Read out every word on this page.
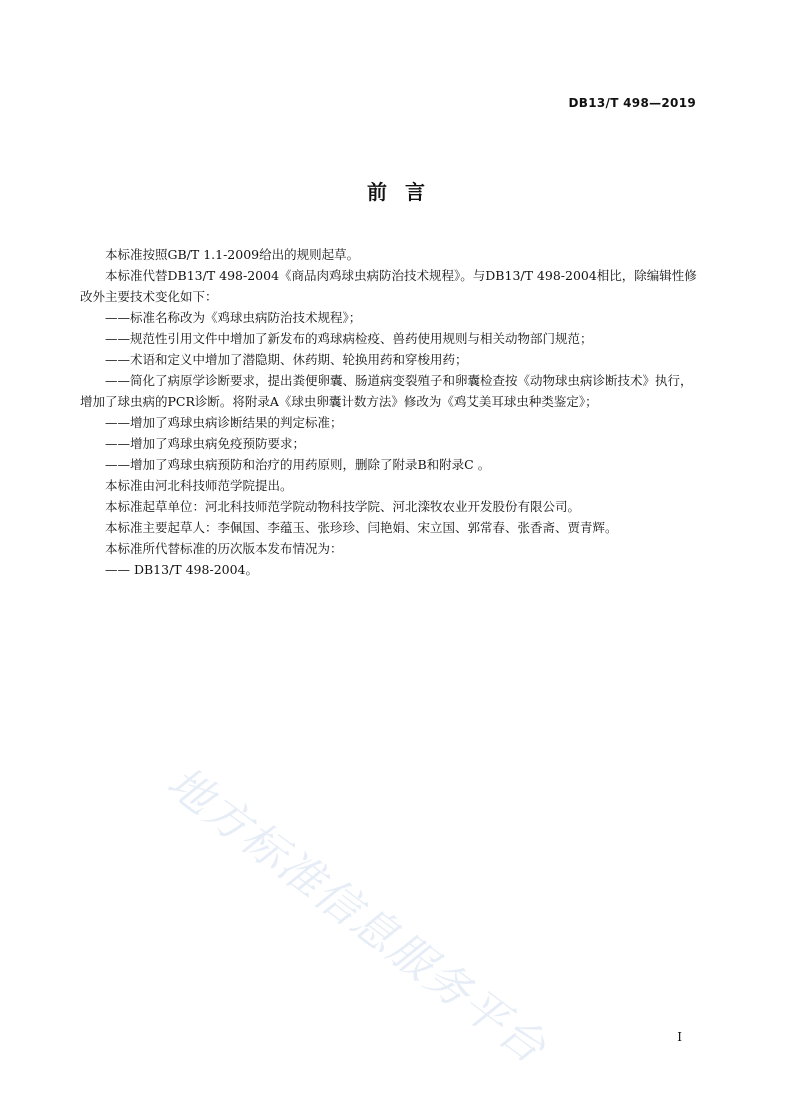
DB13/T 498—2019
前言

本标准按照GB/T 1.1-2009给出的规则起草。

本标准代替DB13/T 498-2004《商品肉鸡球虫病防治技术规程》。与DB13/T 498-2004相比，除编辑性修改外主要技术变化如下：

——标准名称改为《鸡球虫病防治技术规程》；

——规范性引用文件中增加了新发布的鸡球病检疫、兽药使用规则与相关动物部门规范；

——术语和定义中增加了潜隐期、休药期、轮换用药和穿梭用药；

——简化了病原学诊断要求，提出粪便卵囊、肠道病变裂殖子和卵囊检查按《动物球虫病诊断技术》执行，增加了球虫病的PCR诊断。将附录A《球虫卵囊计数方法》修改为《鸡艾美耳球虫种类鉴定》；

——增加了鸡球虫病诊断结果的判定标准；

——增加了鸡球虫病免疫预防要求；

——增加了鸡球虫病预防和治疗的用药原则，删除了附录B和附录C 。

本标准由河北科技师范学院提出。

本标准起草单位：河北科技师范学院动物科技学院、河北滦牧农业开发股份有限公司。

本标准主要起草人：李佩国、李蕴玉、张珍珍、闫艳娟、宋立国、郭常春、张香斋、贾青辉。

本标准所代替标准的历次版本发布情况为：

—— DB13/T 498-2004。

地方标准信息服务平台	I
